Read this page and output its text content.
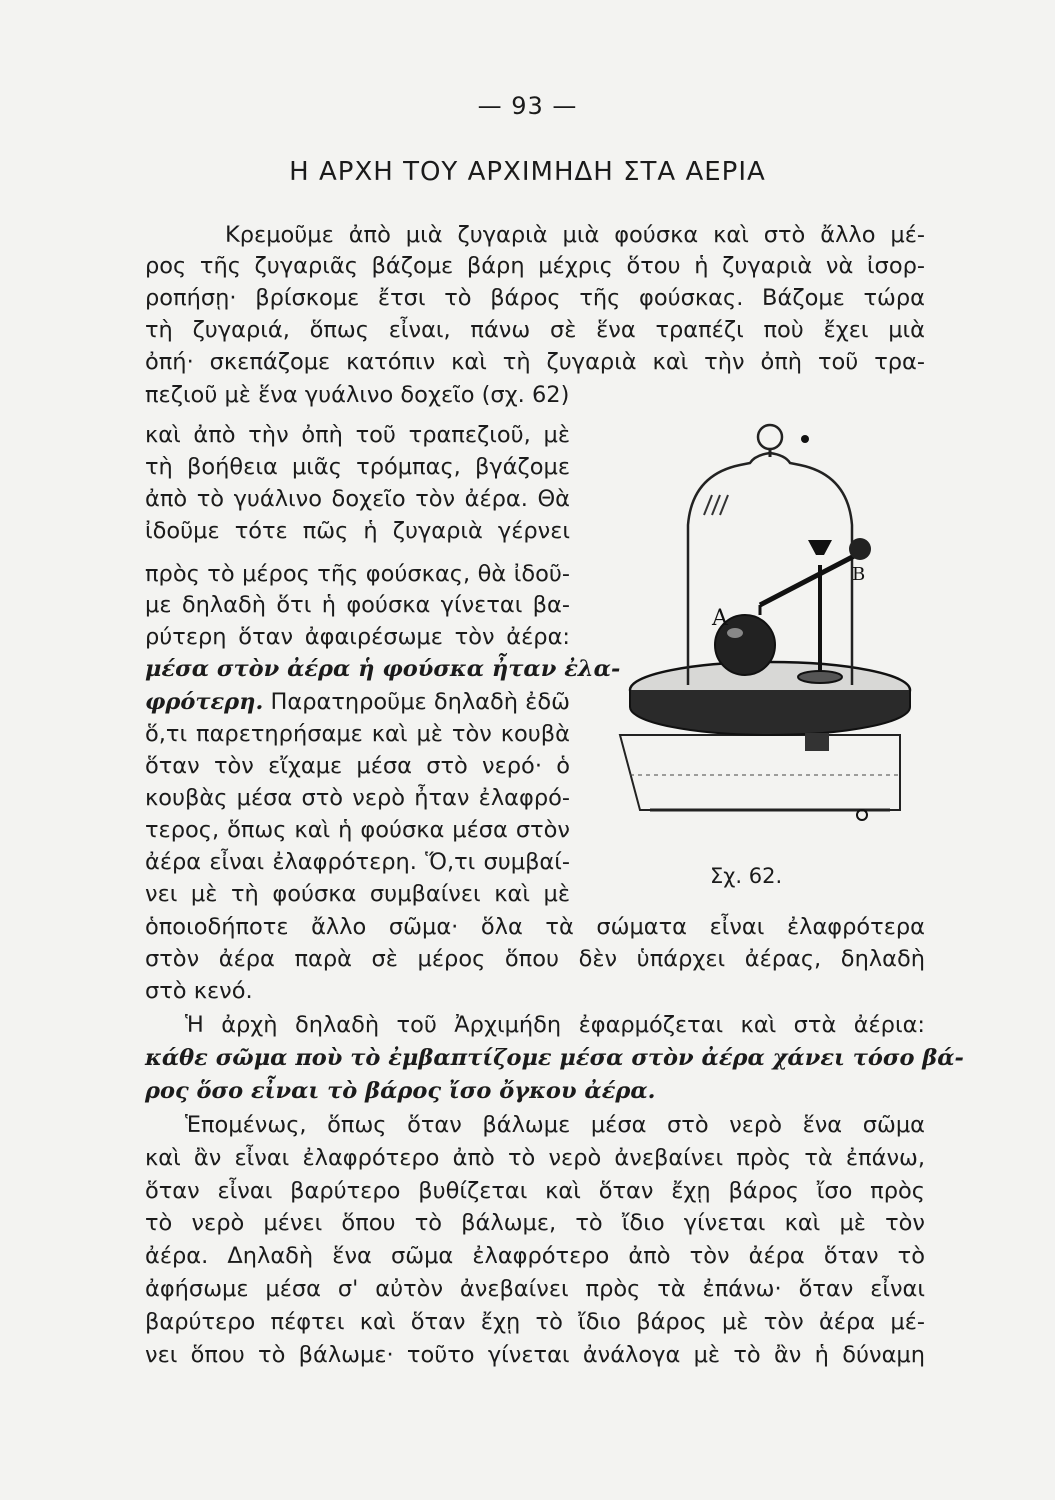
— 93 —
Η ΑΡΧΗ ΤΟΥ ΑΡΧΙΜΗΔΗ ΣΤΑ ΑΕΡΙΑ
Κρεμοῦμε ἀπὸ μιὰ ζυγαριὰ μιὰ φούσκα καὶ στὸ ἄλλο μέ-
ρος τῆς ζυγαριᾶς βάζομε βάρη μέχρις ὅτου ἡ ζυγαριὰ νὰ ἰσορ-
ροπήσῃ· βρίσκομε ἔτσι τὸ βάρος τῆς φούσκας. Βάζομε τώρα
τὴ ζυγαριά, ὅπως εἶναι, πάνω σὲ ἕνα τραπέζι ποὺ ἔχει μιὰ
ὀπή· σκεπάζομε κατόπιν καὶ τὴ ζυγαριὰ καὶ τὴν ὀπὴ τοῦ τρα-
πεζιοῦ μὲ ἕνα γυάλινο δοχεῖο (σχ. 62)
καὶ ἀπὸ τὴν ὀπὴ τοῦ τραπεζιοῦ, μὲ
τὴ βοήθεια μιᾶς τρόμπας, βγάζομε
ἀπὸ τὸ γυάλινο δοχεῖο τὸν ἀέρα. Θὰ
ἰδοῦμε τότε πῶς ἡ ζυγαριὰ γέρνει
πρὸς τὸ μέρος τῆς φούσκας, θὰ ἰδοῦ-
με δηλαδὴ ὅτι ἡ φούσκα γίνεται βα-
ρύτερη ὅταν ἀφαιρέσωμε τὸν ἀέρα:
μέσα στὸν ἀέρα ἡ φούσκα ἦταν ἐλα-
φρότερη. Παρατηροῦμε δηλαδὴ ἐδῶ
ὅ,τι παρετηρήσαμε καὶ μὲ τὸν κουβὰ
ὅταν τὸν εἴχαμε μέσα στὸ νερό· ὁ
κουβὰς μέσα στὸ νερὸ ἦταν ἐλαφρό-
τερος, ὅπως καὶ ἡ φούσκα μέσα στὸν
ἀέρα εἶναι ἐλαφρότερη. Ὅ,τι συμβαί-
νει μὲ τὴ φούσκα συμβαίνει καὶ μὲ
ὁποιοδήποτε ἄλλο σῶμα· ὅλα τὰ σώματα εἶναι ἐλαφρότερα
στὸν ἀέρα παρὰ σὲ μέρος ὅπου δὲν ὑπάρχει ἀέρας, δηλαδὴ
στὸ κενό.
Ἡ ἀρχὴ δηλαδὴ τοῦ Ἀρχιμήδη ἐφαρμόζεται καὶ στὰ ἀέρια:
κάθε σῶμα ποὺ τὸ ἐμβαπτίζομε μέσα στὸν ἀέρα χάνει τόσο βά-
ρος ὅσο εἶναι τὸ βάρος ἴσο ὄγκου ἀέρα.
Ἑπομένως, ὅπως ὅταν βάλωμε μέσα στὸ νερὸ ἕνα σῶμα
καὶ ἂν εἶναι ἐλαφρότερο ἀπὸ τὸ νερὸ ἀνεβαίνει πρὸς τὰ ἐπάνω,
ὅταν εἶναι βαρύτερο βυθίζεται καὶ ὅταν ἔχῃ βάρος ἴσο πρὸς
τὸ νερὸ μένει ὅπου τὸ βάλωμε, τὸ ἴδιο γίνεται καὶ μὲ τὸν
ἀέρα. Δηλαδὴ ἕνα σῶμα ἐλαφρότερο ἀπὸ τὸν ἀέρα ὅταν τὸ
ἀφήσωμε μέσα σ' αὐτὸν ἀνεβαίνει πρὸς τὰ ἐπάνω· ὅταν εἶναι
βαρύτερο πέφτει καὶ ὅταν ἔχῃ τὸ ἴδιο βάρος μὲ τὸν ἀέρα μέ-
νει ὅπου τὸ βάλωμε· τοῦτο γίνεται ἀνάλογα μὲ τὸ ἂν ἡ δύναμη
A
B
Σχ. 62.
